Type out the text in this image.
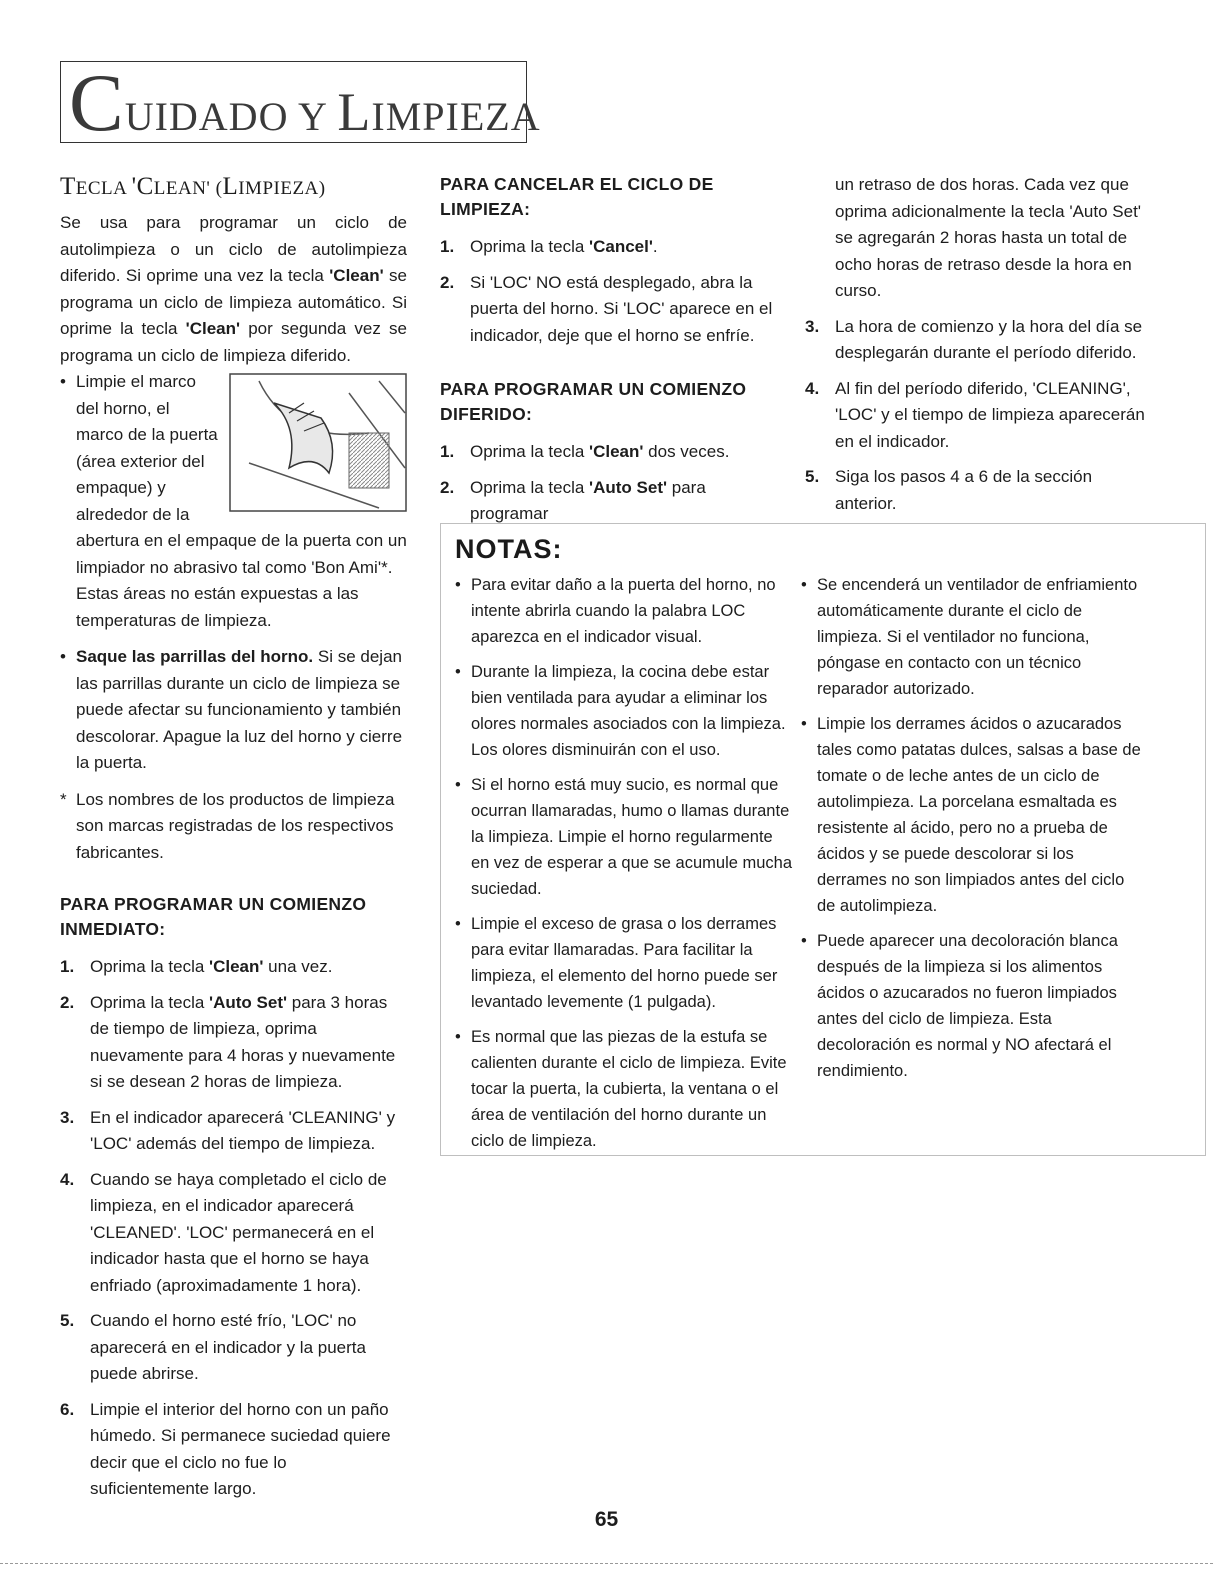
CUIDADO Y LIMPIEZA
TECLA 'CLEAN' (LIMPIEZA)

Se usa para programar un ciclo de autolimpieza o un ciclo de autolimpieza diferido. Si oprime una vez la tecla 'Clean' se programa un ciclo de limpieza automático. Si oprime la tecla 'Clean' por segunda vez se programa un ciclo de limpieza diferido.

• Limpie el marco del horno, el marco de la puerta (área exterior del empaque) y alrededor de la abertura en el empaque de la puerta con un limpiador no abrasivo tal como 'Bon Ami'*. Estas áreas no están expuestas a las temperaturas de limpieza.
• Saque las parrillas del horno. Si se dejan las parrillas durante un ciclo de limpieza se puede afectar su funcionamiento y también descolorar. Apague la luz del horno y cierre la puerta.

* Los nombres de los productos de limpieza son marcas registradas de los respectivos fabricantes.

PARA PROGRAMAR UN COMIENZO INMEDIATO:
1. Oprima la tecla 'Clean' una vez.
2. Oprima la tecla 'Auto Set' para 3 horas de tiempo de limpieza, oprima nuevamente para 4 horas y nuevamente si se desean 2 horas de limpieza.
3. En el indicador aparecerá 'CLEANING' y 'LOC' además del tiempo de limpieza.
4. Cuando se haya completado el ciclo de limpieza, en el indicador aparecerá 'CLEANED'. 'LOC' permanecerá en el indicador hasta que el horno se haya enfriado (aproximadamente 1 hora).
5. Cuando el horno esté frío, 'LOC' no aparecerá en el indicador y la puerta puede abrirse.
6. Limpie el interior del horno con un paño húmedo. Si permanece suciedad quiere decir que el ciclo no fue lo suficientemente largo.
PARA CANCELAR EL CICLO DE LIMPIEZA:
1. Oprima la tecla 'Cancel'.
2. Si 'LOC' NO está desplegado, abra la puerta del horno. Si 'LOC' aparece en el indicador, deje que el horno se enfríe.
PARA PROGRAMAR UN COMIENZO DIFERIDO:
1. Oprima la tecla 'Clean' dos veces.
2. Oprima la tecla 'Auto Set' para programar

un retraso de dos horas. Cada vez que oprima adicionalmente la tecla 'Auto Set' se agregarán 2 horas hasta un total de ocho horas de retraso desde la hora en curso.

3. La hora de comienzo y la hora del día se desplegarán durante el período diferido.
4. Al fin del período diferido, 'CLEANING', 'LOC' y el tiempo de limpieza aparecerán en el indicador.
5. Siga los pasos 4 a 6 de la sección anterior.
NOTAS:
• Para evitar daño a la puerta del horno, no intente abrirla cuando la palabra LOC aparezca en el indicador visual.
• Durante la limpieza, la cocina debe estar bien ventilada para ayudar a eliminar los olores normales asociados con la limpieza. Los olores disminuirán con el uso.
• Si el horno está muy sucio, es normal que ocurran llamaradas, humo o llamas durante la limpieza. Limpie el horno regularmente en vez de esperar a que se acumule mucha suciedad.
• Limpie el exceso de grasa o los derrames para evitar llamaradas. Para facilitar la limpieza, el elemento del horno puede ser levantado levemente (1 pulgada).
• Es normal que las piezas de la estufa se calienten durante el ciclo de limpieza. Evite tocar la puerta, la cubierta, la ventana o el área de ventilación del horno durante un ciclo de limpieza.
• Se encenderá un ventilador de enfriamiento automáticamente durante el ciclo de limpieza. Si el ventilador no funciona, póngase en contacto con un técnico reparador autorizado.
• Limpie los derrames ácidos o azucarados tales como patatas dulces, salsas a base de tomate o de leche antes de un ciclo de autolimpieza. La porcelana esmaltada es resistente al ácido, pero no a prueba de ácidos y se puede descolorar si los derrames no son limpiados antes del ciclo de autolimpieza.
• Puede aparecer una decoloración blanca después de la limpieza si los alimentos ácidos o azucarados no fueron limpiados antes del ciclo de limpieza. Esta decoloración es normal y NO afectará el rendimiento.
65
